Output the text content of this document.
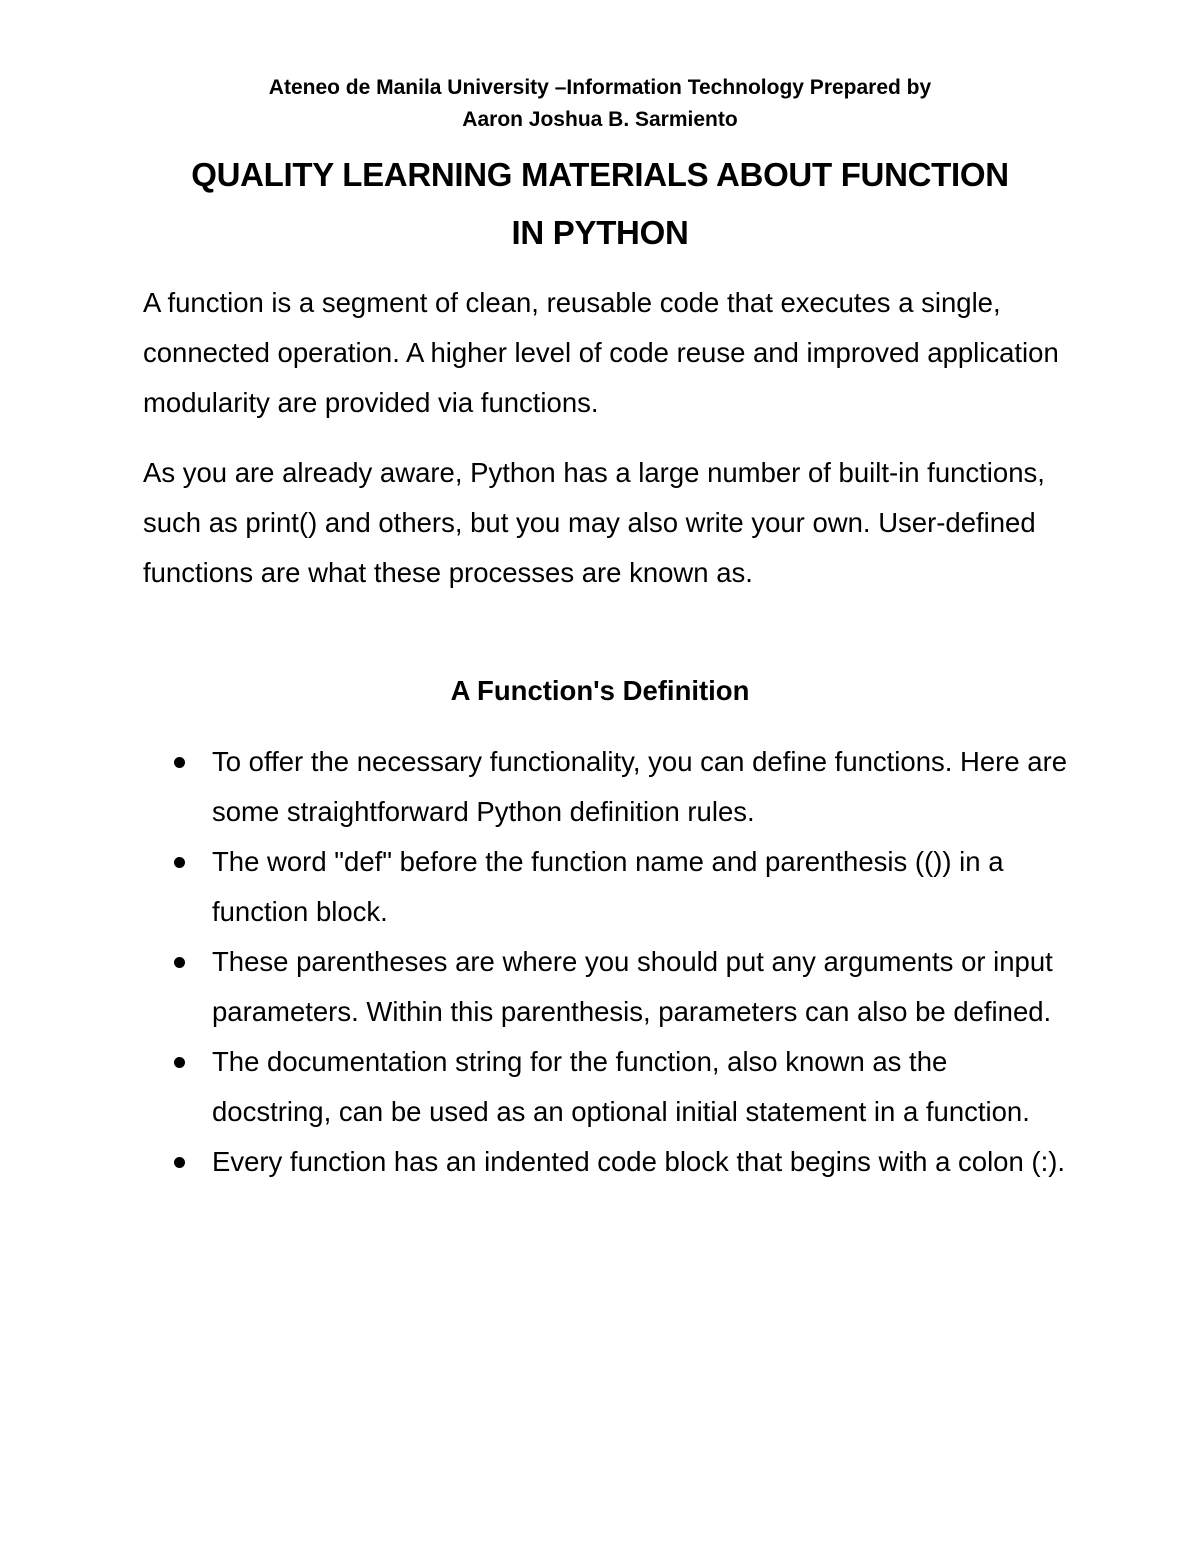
Ateneo de Manila University –Information Technology Prepared by
Aaron Joshua B. Sarmiento
QUALITY LEARNING MATERIALS ABOUT FUNCTION
IN PYTHON

A function is a segment of clean, reusable code that executes a single, connected operation. A higher level of code reuse and improved application modularity are provided via functions.

As you are already aware, Python has a large number of built-in functions, such as print() and others, but you may also write your own. User-defined functions are what these processes are known as.

A Function's Definition
To offer the necessary functionality, you can define functions. Here are some straightforward Python definition rules.
The word "def" before the function name and parenthesis (()) in a function block.
These parentheses are where you should put any arguments or input parameters. Within this parenthesis, parameters can also be defined.
The documentation string for the function, also known as the docstring, can be used as an optional initial statement in a function.
Every function has an indented code block that begins with a colon (:).
